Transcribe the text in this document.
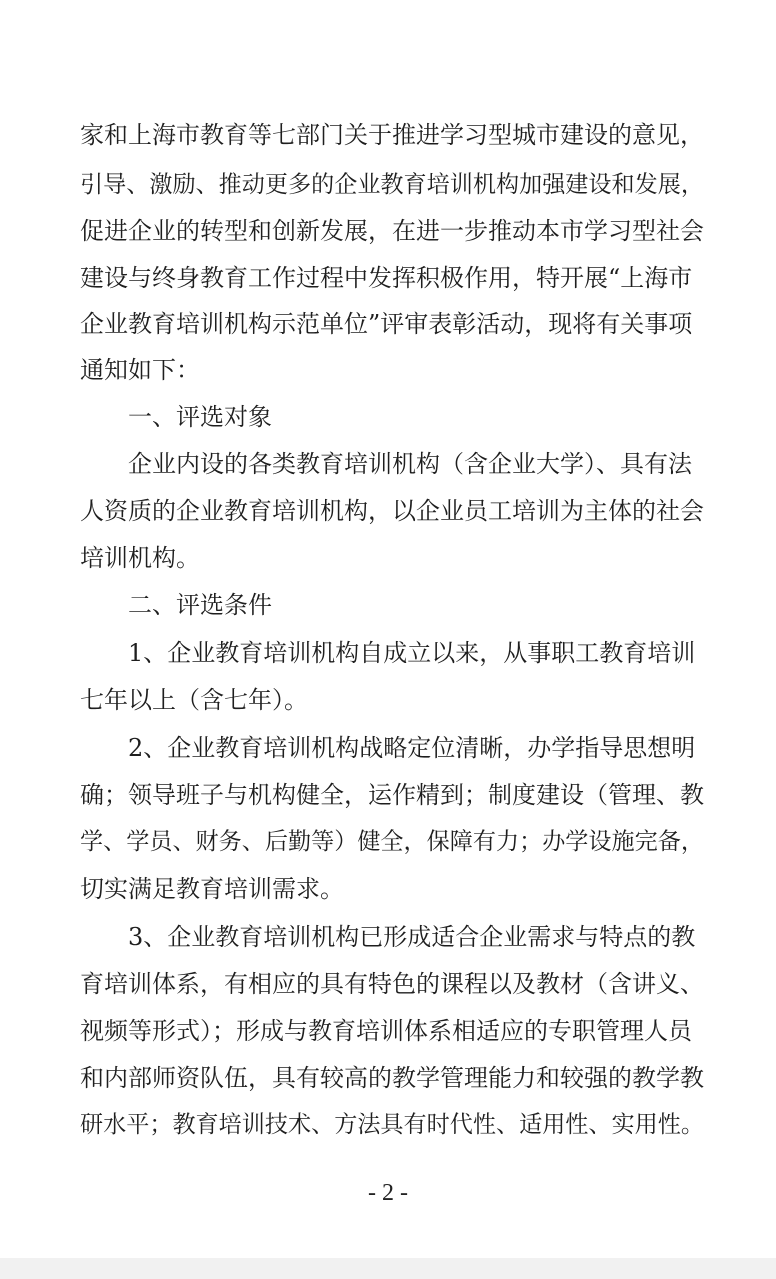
家和上海市教育等七部门关于推进学习型城市建设的意见，
引导、激励、推动更多的企业教育培训机构加强建设和发展，
促进企业的转型和创新发展，在进一步推动本市学习型社会
建设与终身教育工作过程中发挥积极作用，特开展“上海市
企业教育培训机构示范单位”评审表彰活动，现将有关事项
通知如下：
一、评选对象
企业内设的各类教育培训机构（含企业大学）、具有法
人资质的企业教育培训机构，以企业员工培训为主体的社会
培训机构。
二、评选条件
1、企业教育培训机构自成立以来，从事职工教育培训
七年以上（含七年）。
2、企业教育培训机构战略定位清晰，办学指导思想明
确；领导班子与机构健全，运作精到；制度建设（管理、教
学、学员、财务、后勤等）健全，保障有力；办学设施完备，
切实满足教育培训需求。
3、企业教育培训机构已形成适合企业需求与特点的教
育培训体系，有相应的具有特色的课程以及教材（含讲义、
视频等形式）；形成与教育培训体系相适应的专职管理人员
和内部师资队伍，具有较高的教学管理能力和较强的教学教
研水平；教育培训技术、方法具有时代性、适用性、实用性。
- 2 -
